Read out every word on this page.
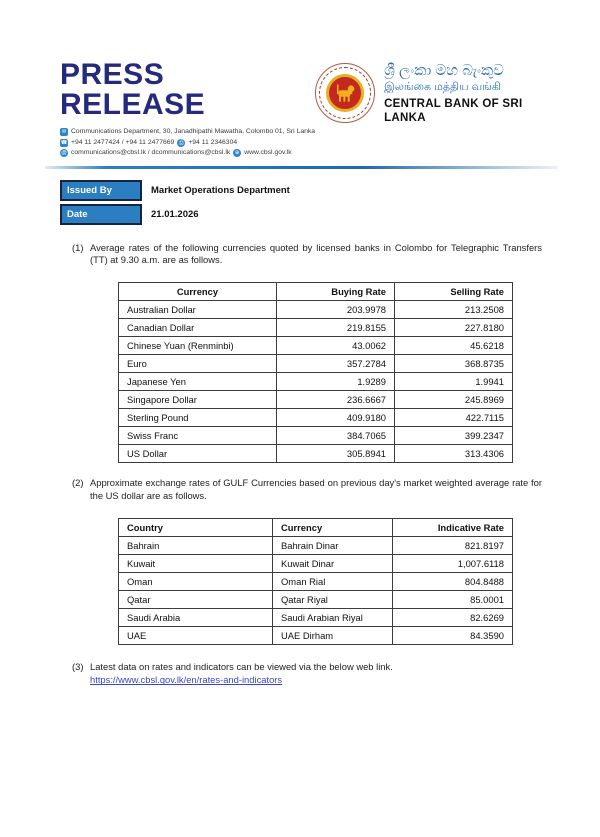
PRESS RELEASE
✉ Communications Department, 30, Janadhipathi Mawatha, Colombo 01, Sri Lanka
☎ +94 11 2477424 / +94 11 2477669 ⎙ +94 11 2346304
@ communications@cbsl.lk / dcommunications@cbsl.lk ⊕ www.cbsl.gov.lk
ශ්‍රී ලංකා මහ බැංකුව
இலங்கை மத்திய வங்கி
CENTRAL BANK OF SRI LANKA
Issued By	Market Operations Department
Date	21.01.2026
(1) Average rates of the following currencies quoted by licensed banks in Colombo for Telegraphic Transfers (TT) at 9.30 a.m. are as follows.
Currency	Buying Rate	Selling Rate
Australian Dollar	203.9978	213.2508
Canadian Dollar	219.8155	227.8180
Chinese Yuan (Renminbi)	43.0062	45.6218
Euro	357.2784	368.8735
Japanese Yen	1.9289	1.9941
Singapore Dollar	236.6667	245.8969
Sterling Pound	409.9180	422.7115
Swiss Franc	384.7065	399.2347
US Dollar	305.8941	313.4306
(2) Approximate exchange rates of GULF Currencies based on previous day's market weighted average rate for the US dollar are as follows.
Country	Currency	Indicative Rate
Bahrain	Bahrain Dinar	821.8197
Kuwait	Kuwait Dinar	1,007.6118
Oman	Oman Rial	804.8488
Qatar	Qatar Riyal	85.0001
Saudi Arabia	Saudi Arabian Riyal	82.6269
UAE	UAE Dirham	84.3590
(3) Latest data on rates and indicators can be viewed via the below web link.
https://www.cbsl.gov.lk/en/rates-and-indicators
